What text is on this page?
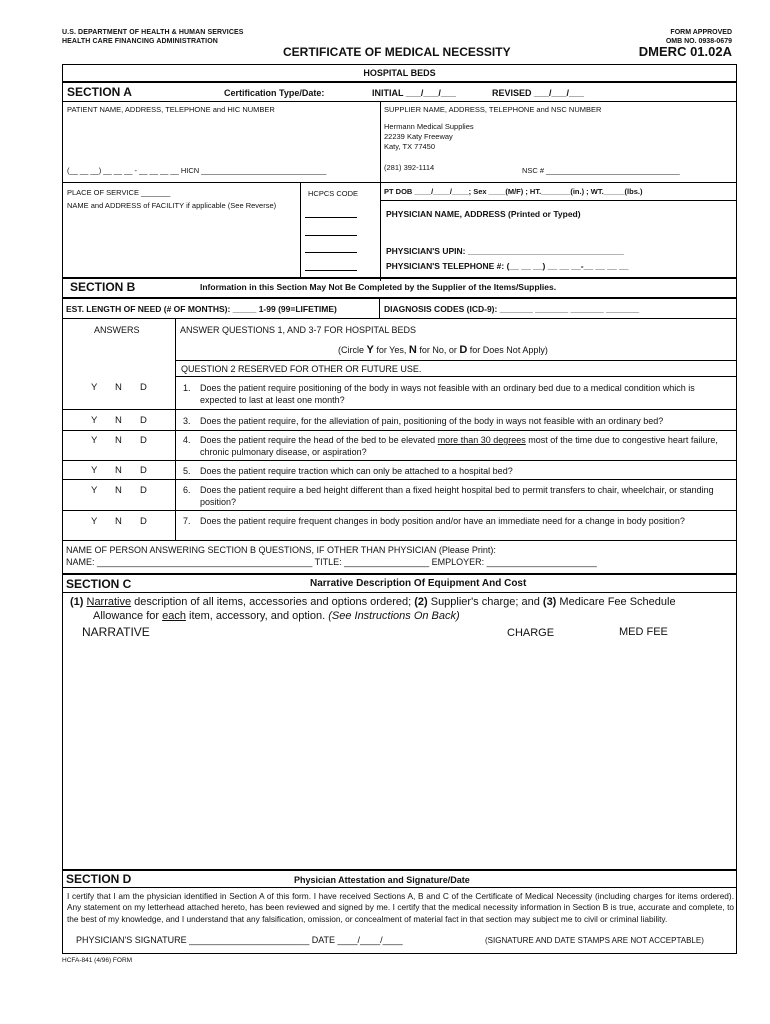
U.S. DEPARTMENT OF HEALTH & HUMAN SERVICES
HEALTH CARE FINANCING ADMINISTRATION
FORM APPROVED
OMB NO. 0938-0679
CERTIFICATE OF MEDICAL NECESSITY	DMERC 01.02A
HOSPITAL BEDS
SECTION A	Certification Type/Date:	INITIAL ___/___/___	REVISED ___/___/___
PATIENT NAME, ADDRESS, TELEPHONE and HIC NUMBER
(__ __ __) __ __ __ - __ __ __ __ HICN ______________________________
SUPPLIER NAME, ADDRESS, TELEPHONE and NSC NUMBER
Hermann Medical Supplies
22239 Katy Freeway
Katy, TX 77450
(281) 392-1114	NSC # ________________________________
PLACE OF SERVICE _______
NAME and ADDRESS of FACILITY if applicable (See Reverse)
HCPCS CODE	PT DOB ____/____/____; Sex ____(M/F) ; HT._______(in.) ; WT._____(lbs.)
PHYSICIAN NAME, ADDRESS (Printed or Typed)
PHYSICIAN'S UPIN: _________________________________
PHYSICIAN'S TELEPHONE #: (__ __ __) __ __ __-__ __ __ __
SECTION B	Information in this Section May Not Be Completed by the Supplier of the Items/Supplies.
EST. LENGTH OF NEED (# OF MONTHS): _____ 1-99 (99=LIFETIME)	DIAGNOSIS CODES (ICD-9): _______ _______ _______ _______
ANSWERS	ANSWER QUESTIONS 1, AND 3-7 FOR HOSPITAL BEDS
(Circle Y for Yes, N for No, or D for Does Not Apply)
QUESTION 2 RESERVED FOR OTHER OR FUTURE USE.
Y N D	1. Does the patient require positioning of the body in ways not feasible with an ordinary bed due to a medical condition which is expected to last at least one month?
Y N D	3. Does the patient require, for the alleviation of pain, positioning of the body in ways not feasible with an ordinary bed?
Y N D	4. Does the patient require the head of the bed to be elevated more than 30 degrees most of the time due to congestive heart failure, chronic pulmonary disease, or aspiration?
Y N D	5. Does the patient require traction which can only be attached to a hospital bed?
Y N D	6. Does the patient require a bed height different than a fixed height hospital bed to permit transfers to chair, wheelchair, or standing position?
Y N D	7. Does the patient require frequent changes in body position and/or have an immediate need for a change in body position?
NAME OF PERSON ANSWERING SECTION B QUESTIONS, IF OTHER THAN PHYSICIAN (Please Print):
NAME: ___________________________________________ TITLE: _________________ EMPLOYER: ______________________
SECTION C	Narrative Description Of Equipment And Cost
(1) Narrative description of all items, accessories and options ordered; (2) Supplier's charge; and (3) Medicare Fee Schedule
Allowance for each item, accessory, and option. (See Instructions On Back)
NARRATIVE	CHARGE	MED FEE
SECTION D	Physician Attestation and Signature/Date
I certify that I am the physician identified in Section A of this form. I have received Sections A, B and C of the Certificate of Medical Necessity (including charges for items ordered). Any statement on my letterhead attached hereto, has been reviewed and signed by me. I certify that the medical necessity information in Section B is true, accurate and complete, to the best of my knowledge, and I understand that any falsification, omission, or concealment of material fact in that section may subject me to civil or criminal liability.
PHYSICIAN'S SIGNATURE ________________________ DATE ____/____/____	(SIGNATURE AND DATE STAMPS ARE NOT ACCEPTABLE)
HCFA-841 (4/96) FORM
